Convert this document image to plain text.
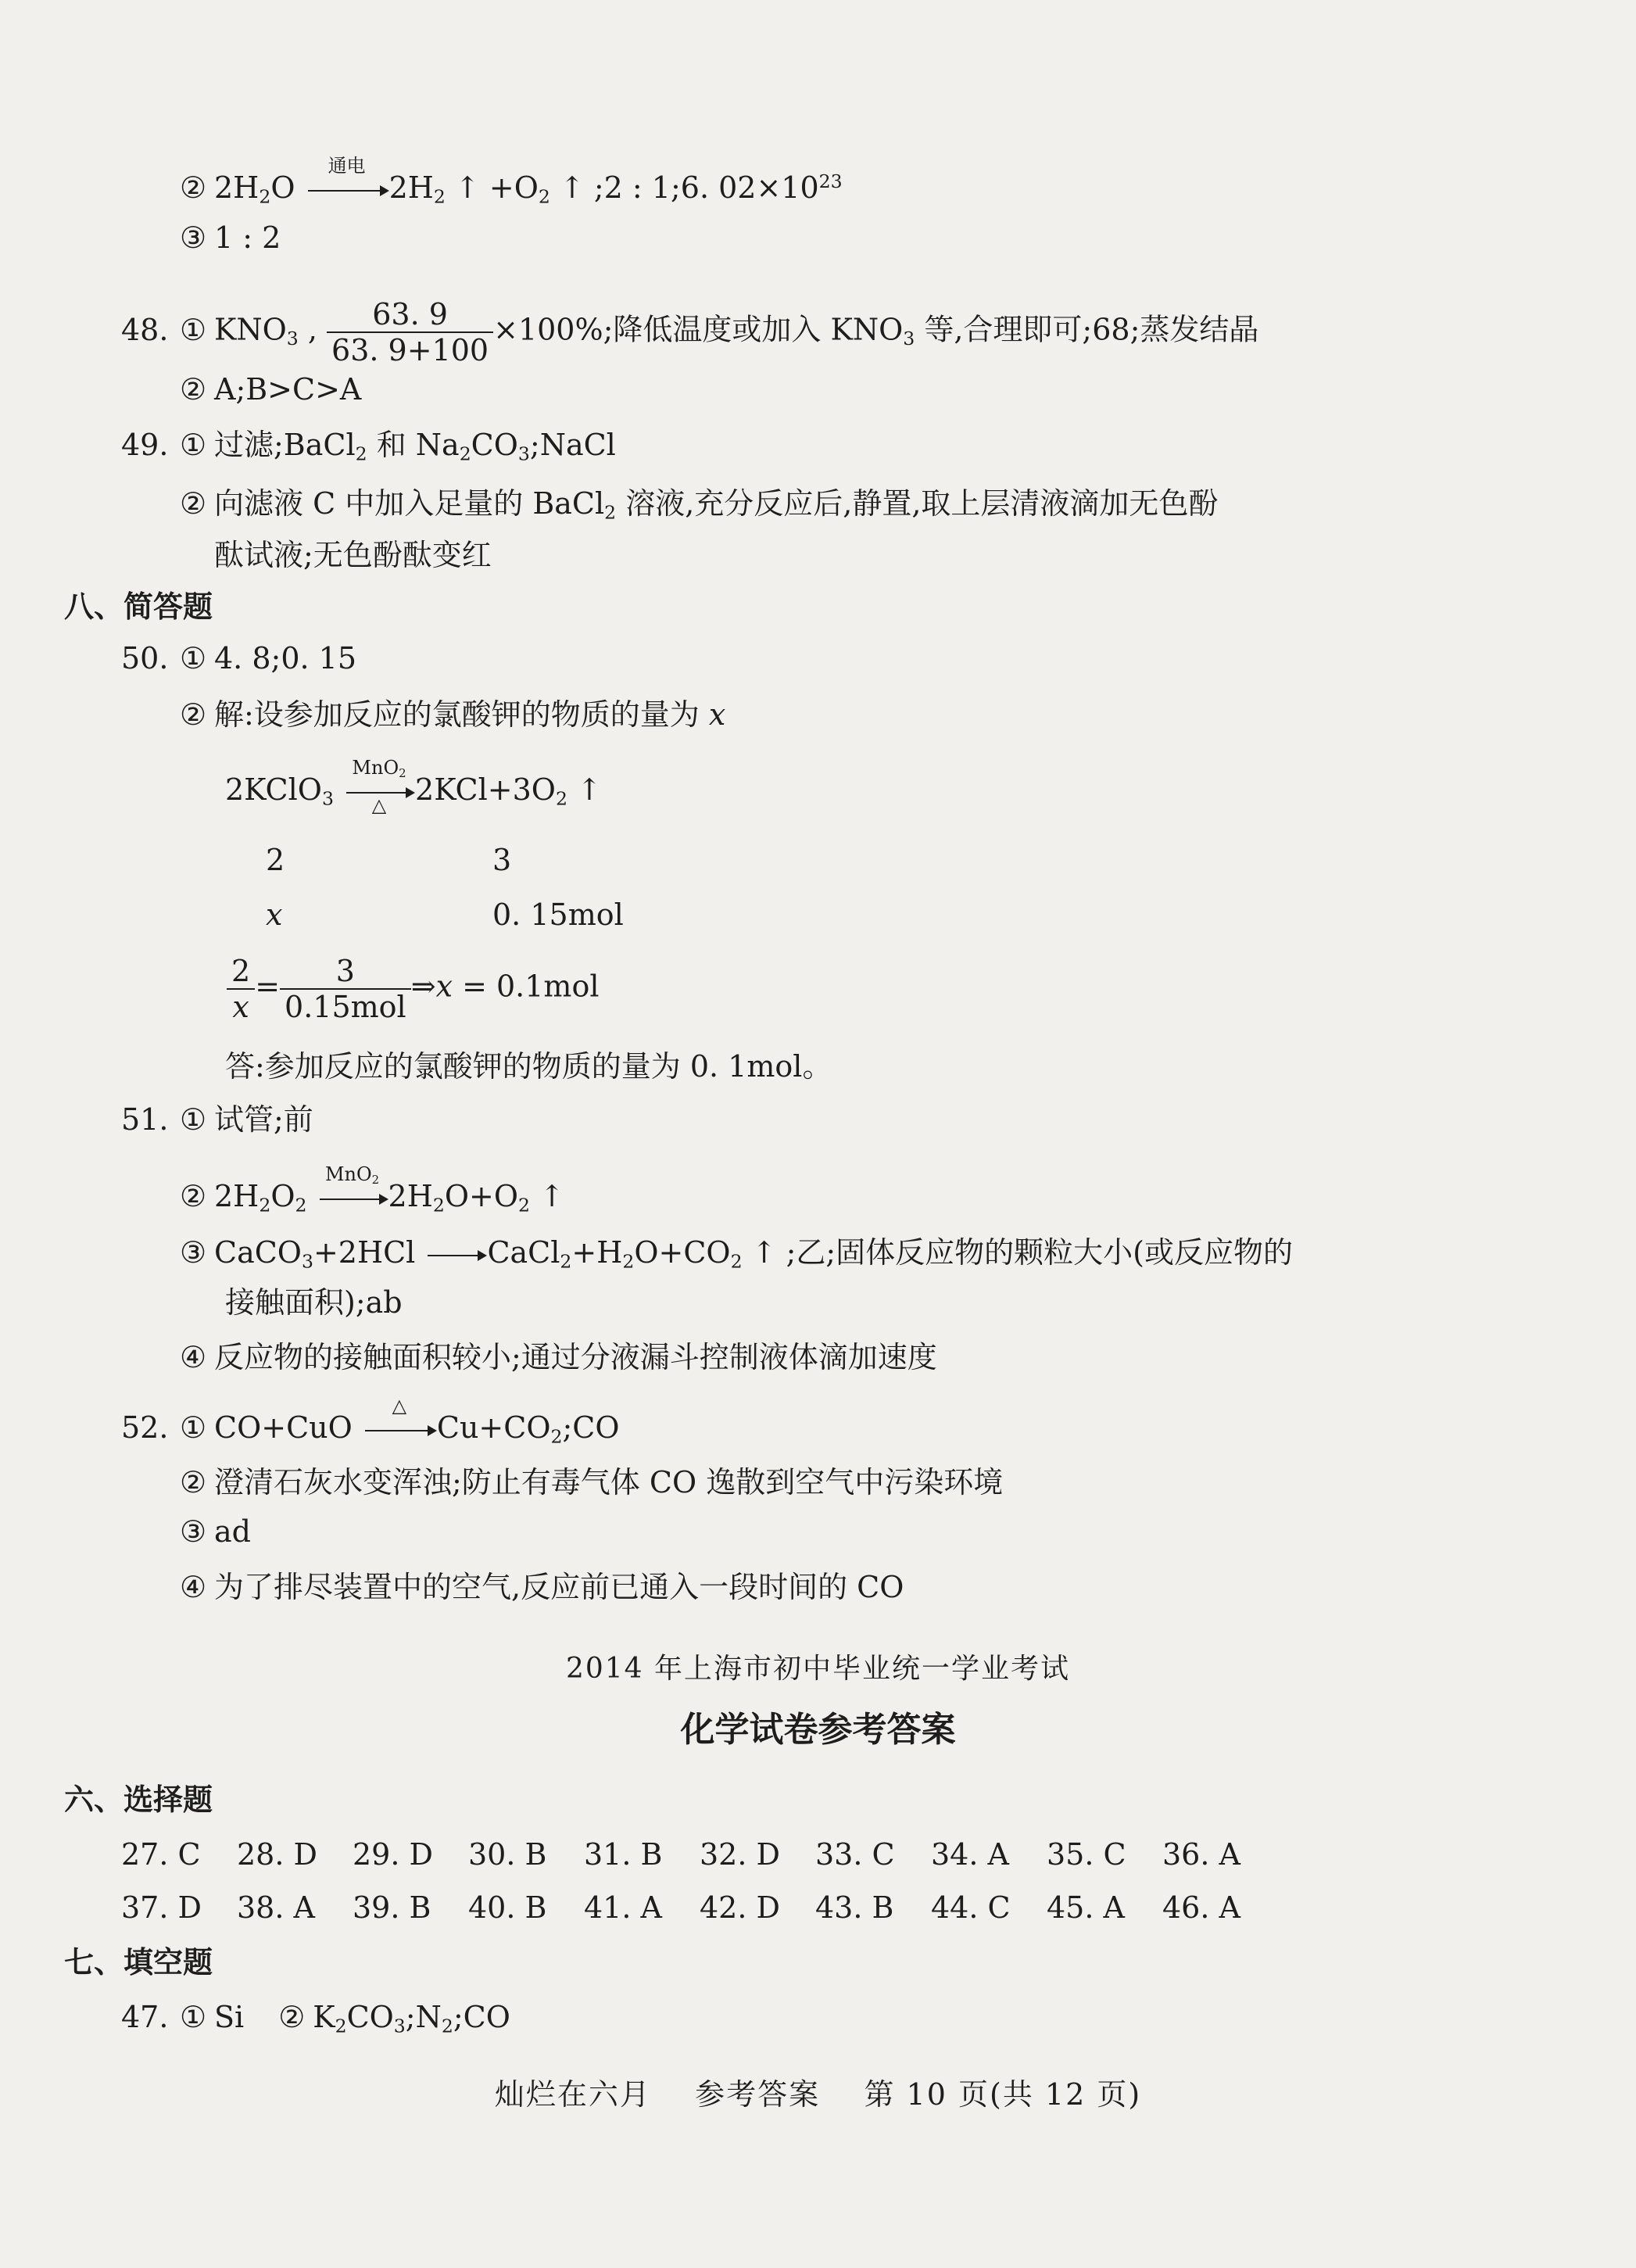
② $2H_2O$
通电
$2H_2$ ↑ $+O_2$ ↑ ;2 : 1;6. $02\times 10^{23}$
③ 1 : 2
48. ① $KNO_3$ , $\frac{63. 9}{63. 9+100} \times 100\%$;降低温度或加入 $KNO_3$ 等,合理即可;68;蒸发结晶
② A;B>C>A
49. ① 过滤;BaCl$_2$ 和 $Na_2CO_3;NaCl$
② 向滤液 C 中加入足量的 BaCl$_2$ 溶液,充分反应后,静置,取上层清液滴加无色酚
酞试液;无色酚酞变红
八、简答题
50. ① 4. 8;0. 15
② 解:设参加反应的氯酸钾的物质的量为 x
2KClO$_3$
MnO$_2$
△ $2KCl+3O_2$ ↑
2	3
x	0. 15mol
$\frac{2}{x} = \frac{3}{\text{0.15mol}}$ ⇒x = 0.1mol
答:参加反应的氯酸钾的物质的量为 0. 1mol。
51. ① 试管;前
② $2H_2O_2$
MnO$_2$ $2H_2O+O_2$ ↑
③ CaCO$_3$+2HCl $CaCl_2+H_2O+CO_2$ ↑ ;乙;固体反应物的颗粒大小(或反应物的
接触面积);ab
④ 反应物的接触面积较小;通过分液漏斗控制液体滴加速度
52. ① CO+CuO
△
$Cu+CO_2;CO$
② 澄清石灰水变浑浊;防止有毒气体 CO 逸散到空气中污染环境
③ ad
④ 为了排尽装置中的空气,反应前已通入一段时间的 CO
2014 年上海市初中毕业统一学业考试
化学试卷参考答案
六、选择题
27. C	28. D	29. D	30. B	31. B	32. D	33. C	34. A	35. C	36. A
37. D	38. A	39. B	40. B	41. A	42. D	43. B	44. C	45. A	46. A
七、填空题
47. ① Si ② $K_2CO_3;N_2;CO$
灿烂在六月    参考答案    第 10 页(共 12 页)
